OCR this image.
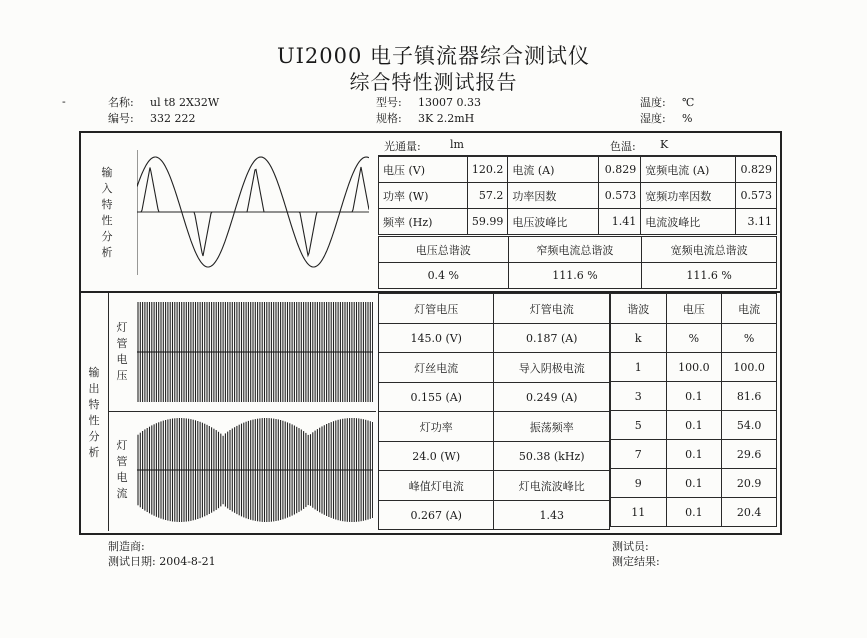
UI2000 电子镇流器综合测试仪
综合特性测试报告
-	名称: ul t8 2X32W
编号: 332 222
型号: 13007 0.33
规格: 3K 2.2mH
温度: ℃
湿度: %
输
入
特
性
分
析
光通量:	lm	色温: K
电压 (V)	120.2	电流 (A)	0.829	宽频电流 (A)	0.829
功率 (W)	57.2	功率因数	0.573	宽频功率因数	0.573
频率 (Hz)	59.99	电压波峰比	1.41	电流波峰比	3.11
电压总谐波	窄频电流总谐波	宽频电流总谐波
0.4 %	111.6 %	111.6 %
输
出
特
性
分
析
灯
管
电
压
灯
管
电
流
灯管电压	灯管电流
145.0 (V)	0.187 (A)
灯丝电流	导入阴极电流
0.155 (A)	0.249 (A)
灯功率	振荡频率
24.0 (W)	50.38 (kHz)
峰值灯电流	灯电流波峰比
0.267 (A)	1.43
谐波	电压	电流
k	%	%
1	100.0	100.0
3	0.1	81.6
5	0.1	54.0
7	0.1	29.6
9	0.1	20.9
11	0.1	20.4
制造商:
测试日期: 2004-8-21
测试员:
测定结果:
